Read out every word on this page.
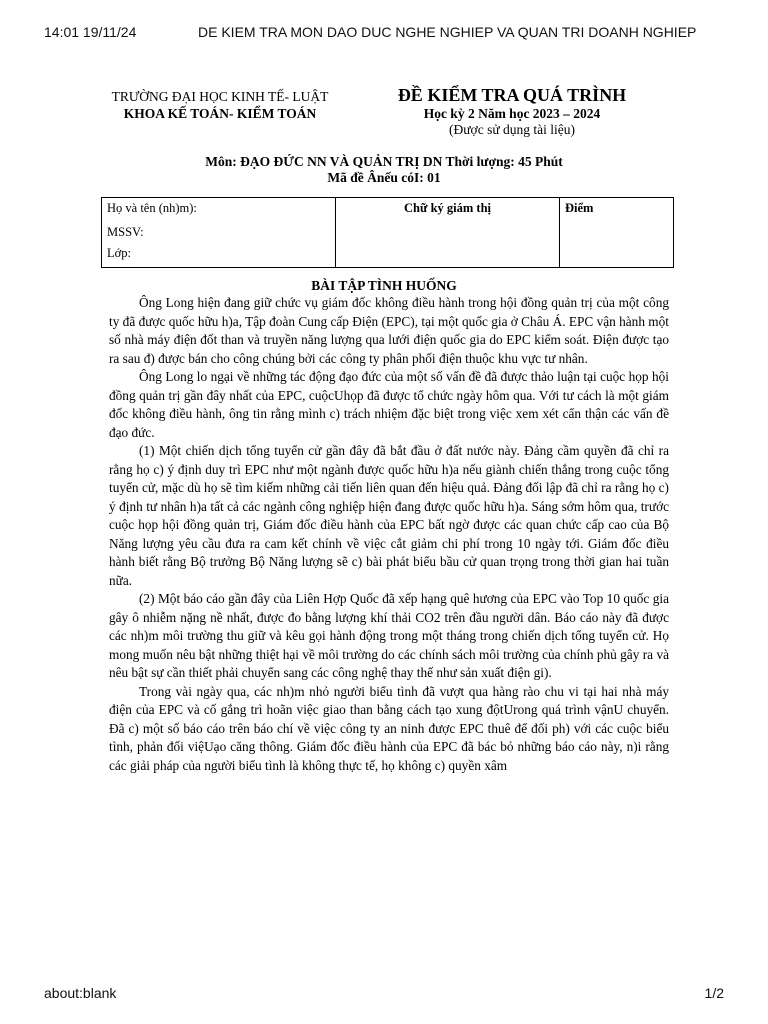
14:01 19/11/24	DE KIEM TRA MON DAO DUC NGHE NGHIEP VA QUAN TRI DOANH NGHIEP
TRƯỜNG ĐẠI HỌC KINH TẾ- LUẬT
KHOA KẾ TOÁN- KIỂM TOÁN
ĐỀ KIỂM TRA QUÁ TRÌNH
Học kỳ 2 Năm học 2023 – 2024
(Được sử dụng tài liệu)
Môn: ĐẠO ĐỨC NN VÀ QUẢN TRỊ DN Thời lượng: 45 Phút
Mã đề Ânếu cóI: 01
Họ và tên (nh)m):
MSSV:
Lớp:
	Chữ ký giám thị	Điểm
BÀI TẬP TÌNH HUỐNG

Ông Long hiện đang giữ chức vụ giám đốc không điều hành trong hội đồng quản trị của một công ty đã được quốc hữu h)a, Tập đoàn Cung cấp Điện (EPC), tại một quốc gia ở Châu Á. EPC vận hành một số nhà máy điện đốt than và truyền năng lượng qua lưới điện quốc gia do EPC kiểm soát. Điện được tạo ra sau đ) được bán cho công chúng bởi các công ty phân phối điện thuộc khu vực tư nhân.

Ông Long lo ngại về những tác động đạo đức của một số vấn đề đã được thảo luận tại cuộc họp hội đồng quản trị gần đây nhất của EPC, cuộcUhọp đã được tổ chức ngày hôm qua. Với tư cách là một giám đốc không điều hành, ông tin rằng mình c) trách nhiệm đặc biệt trong việc xem xét cẩn thận các vấn đề đạo đức.

(1) Một chiến dịch tổng tuyển cử gần đây đã bắt đầu ở đất nước này. Đảng cầm quyền đã chỉ ra rằng họ c) ý định duy trì EPC như một ngành được quốc hữu h)a nếu giành chiến thắng trong cuộc tổng tuyển cử, mặc dù họ sẽ tìm kiếm những cải tiến liên quan đến hiệu quả. Đảng đối lập đã chỉ ra rằng họ c) ý định tư nhân h)a tất cả các ngành công nghiệp hiện đang được quốc hữu h)a. Sáng sớm hôm qua, trước cuộc họp hội đồng quản trị, Giám đốc điều hành của EPC bất ngờ được các quan chức cấp cao của Bộ Năng lượng yêu cầu đưa ra cam kết chính về việc cắt giảm chi phí trong 10 ngày tới. Giám đốc điều hành biết rằng Bộ trưởng Bộ Năng lượng sẽ c) bài phát biểu bầu cử quan trọng trong thời gian hai tuần nữa.

(2) Một báo cáo gần đây của Liên Hợp Quốc đã xếp hạng quê hương của EPC vào Top 10 quốc gia gây ô nhiễm nặng nề nhất, được đo bằng lượng khí thải CO2 trên đầu người dân. Báo cáo này đã được các nh)m môi trường thu giữ và kêu gọi hành động trong một tháng trong chiến dịch tổng tuyển cử. Họ mong muốn nêu bật những thiệt hại về môi trường do các chính sách môi trường của chính phủ gây ra và nêu bật sự cần thiết phải chuyển sang các công nghệ thay thế như sản xuất điện gi).

Trong vài ngày qua, các nh)m nhỏ người biểu tình đã vượt qua hàng rào chu vi tại hai nhà máy điện của EPC và cố gắng trì hoãn việc giao than bằng cách tạo xung độtUrong quá trình vậnU chuyển. Đã c) một số báo cáo trên báo chí về việc công ty an ninh được EPC thuê để đối ph) với các cuộc biểu tình, phản đối việUạo căng thông. Giám đốc điều hành của EPC đã bác bỏ những báo cáo này, n)i rằng các giải pháp của người biểu tình là không thực tế, họ không c) quyền xâm

about:blank	1/2
